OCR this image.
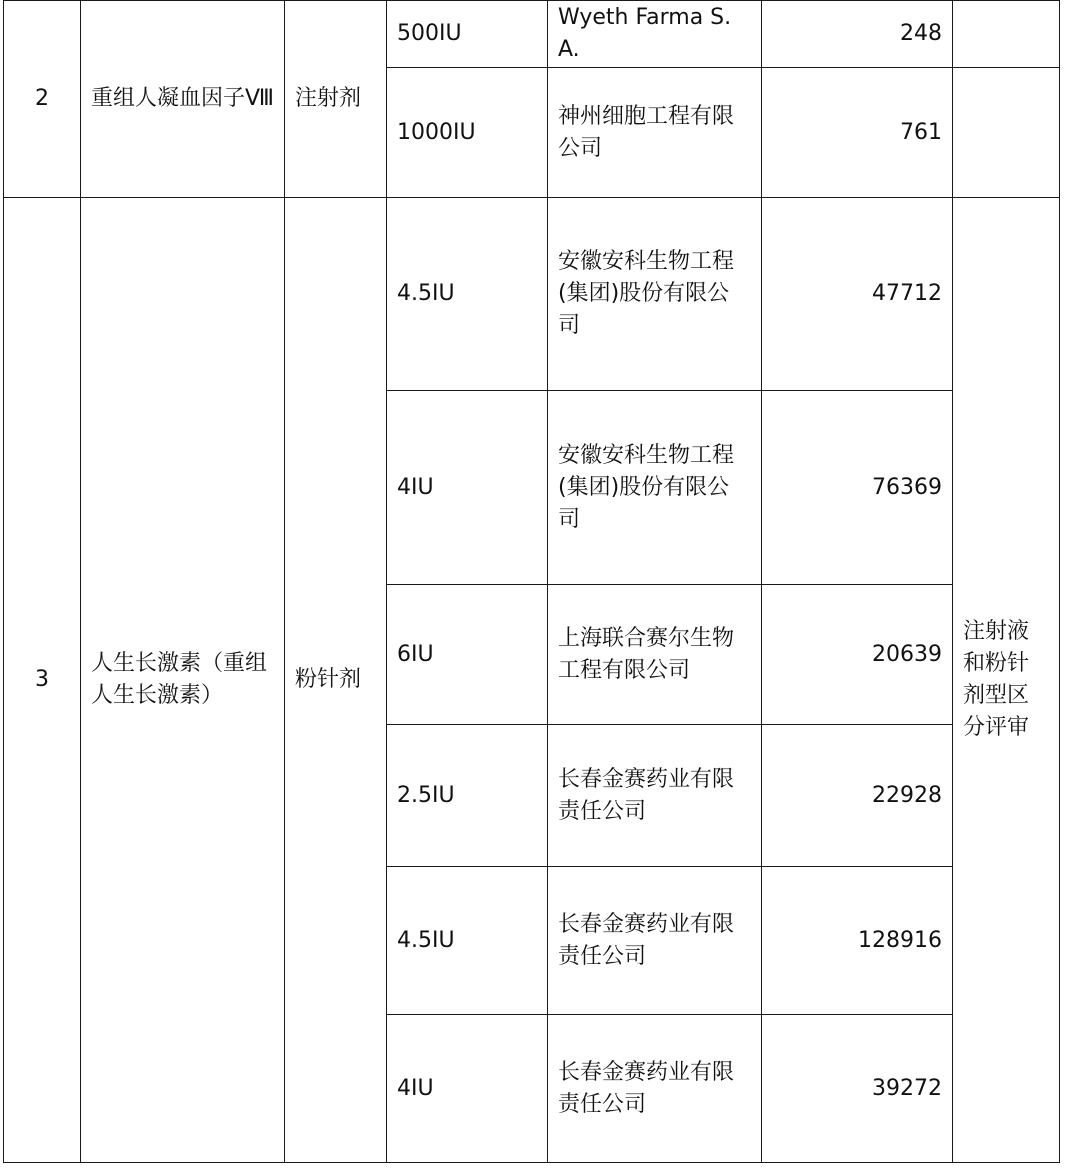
2	重组人凝血因子Ⅷ	注射剂	500IU	Wyeth Farma S.A.	248	
			1000IU	神州细胞工程有限公司	761	
3	人生长激素（重组人生长激素）	粉针剂	4.5IU	安徽安科生物工程(集团)股份有限公司	47712	注射液和粉针剂型区分评审
			4IU	安徽安科生物工程(集团)股份有限公司	76369	
			6IU	上海联合赛尔生物工程有限公司	20639	
			2.5IU	长春金赛药业有限责任公司	22928	
			4.5IU	长春金赛药业有限责任公司	128916	
			4IU	长春金赛药业有限责任公司	39272	
